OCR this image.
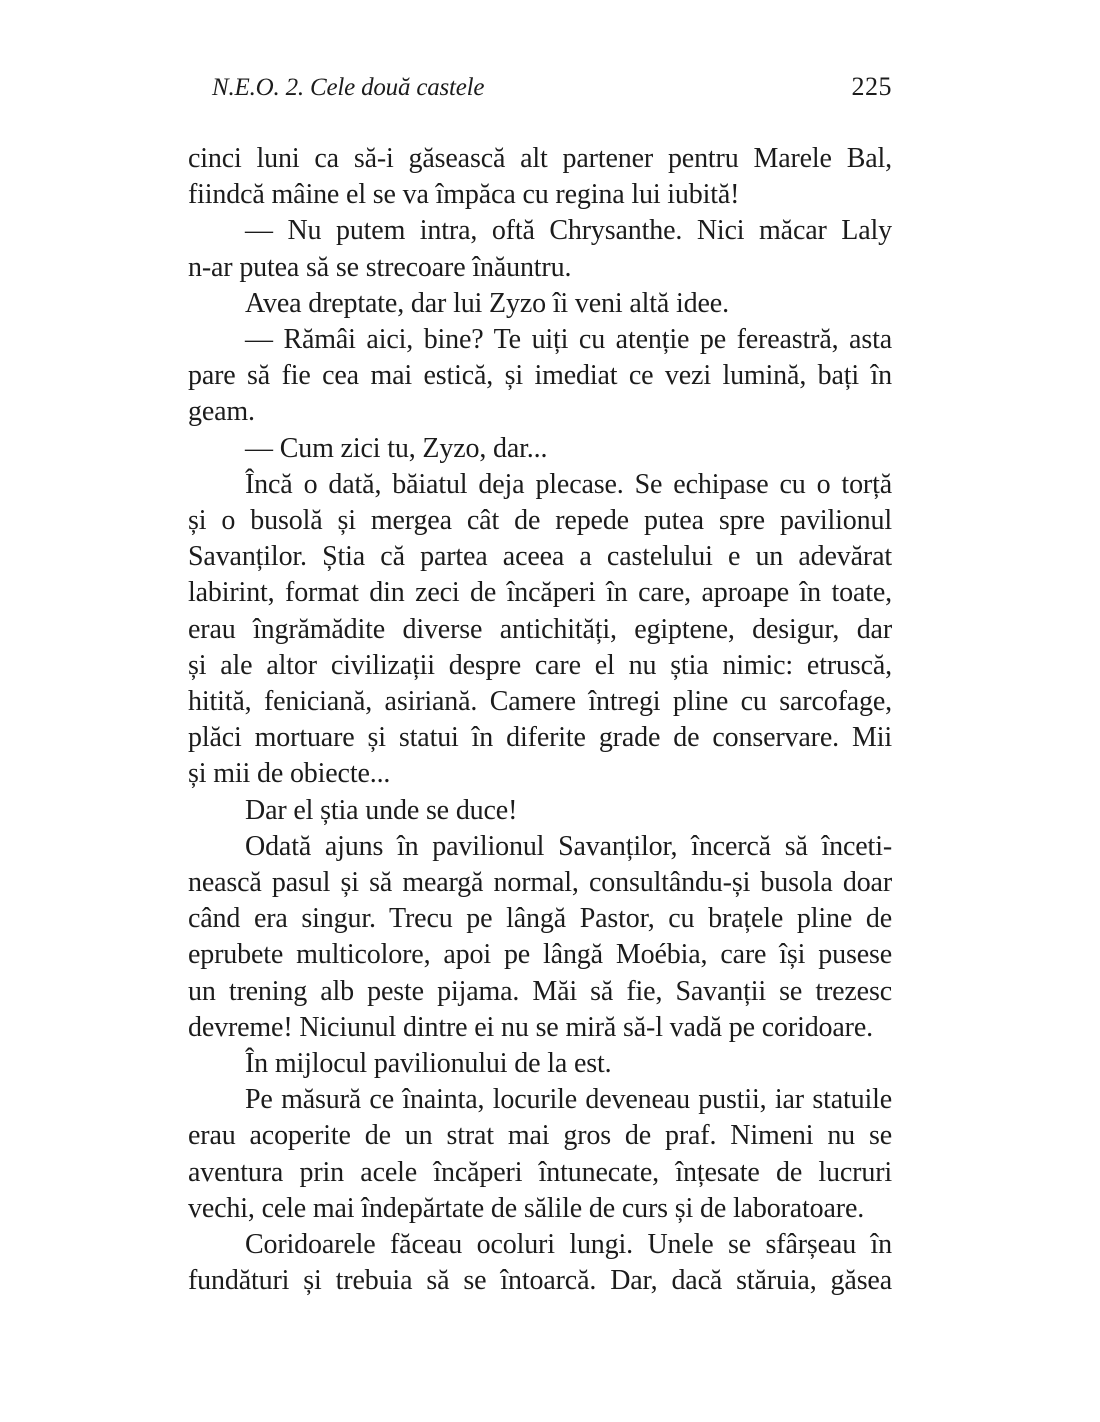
N.E.O. 2. Cele două castele	225
cinci luni ca să-i găsească alt partener pentru Marele Bal,
fiindcă mâine el se va împăca cu regina lui iubită!
— Nu putem intra, oftă Chrysanthe. Nici măcar Laly
n-ar putea să se strecoare înăuntru.
Avea dreptate, dar lui Zyzo îi veni altă idee.
— Rămâi aici, bine? Te uiți cu atenție pe fereastră, asta
pare să fie cea mai estică, și imediat ce vezi lumină, bați în
geam.
— Cum zici tu, Zyzo, dar...
Încă o dată, băiatul deja plecase. Se echipase cu o torță
și o busolă și mergea cât de repede putea spre pavilionul
Savanților. Știa că partea aceea a castelului e un adevărat
labirint, format din zeci de încăperi în care, aproape în toate,
erau îngrămădite diverse antichități, egiptene, desigur, dar
și ale altor civilizații despre care el nu știa nimic: etruscă,
hitită, feniciană, asiriană. Camere întregi pline cu sarcofage,
plăci mortuare și statui în diferite grade de conservare. Mii
și mii de obiecte...
Dar el știa unde se duce!
Odată ajuns în pavilionul Savanților, încercă să înceti-
nească pasul și să meargă normal, consultându-și busola doar
când era singur. Trecu pe lângă Pastor, cu brațele pline de
eprubete multicolore, apoi pe lângă Moébia, care își pusese
un trening alb peste pijama. Măi să fie, Savanții se trezesc
devreme! Niciunul dintre ei nu se miră să-l vadă pe coridoare.
În mijlocul pavilionului de la est.
Pe măsură ce înainta, locurile deveneau pustii, iar statuile
erau acoperite de un strat mai gros de praf. Nimeni nu se
aventura prin acele încăperi întunecate, înțesate de lucruri
vechi, cele mai îndepărtate de sălile de curs și de laboratoare.
Coridoarele făceau ocoluri lungi. Unele se sfârșeau în
fundături și trebuia să se întoarcă. Dar, dacă stăruia, găsea
